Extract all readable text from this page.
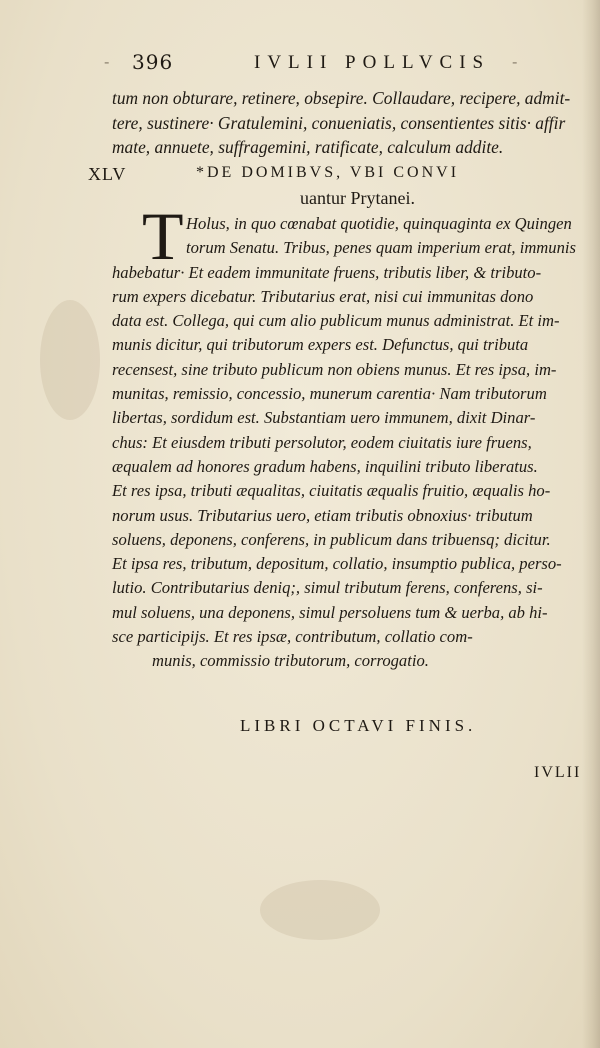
- 396	IVLII POLLVCIS -
tum non obturare, retinere, obsepire. Collaudare, recipere, admit-
tere, sustinere· Gratulemini, conueniatis, consentientes sitis· affir
mate, annuete, suffragemini, ratificate, calculum addite.
XLV	*DE DOMIBVS, VBI CONVI
uantur Prytanei.
T Holus, in quo cœnabat quotidie, quinquaginta ex Quingen
torum Senatu. Tribus, penes quam imperium erat, immunis
habebatur· Et eadem immunitate fruens, tributis liber, & tributo-
rum expers dicebatur. Tributarius erat, nisi cui immunitas dono
data est. Collega, qui cum alio publicum munus administrat. Et im-
munis dicitur, qui tributorum expers est. Defunctus, qui tributa
recensest, sine tributo publicum non obiens munus. Et res ipsa, im-
munitas, remissio, concessio, munerum carentia· Nam tributorum
libertas, sordidum est. Substantiam uero immunem, dixit Dinar-
chus: Et eiusdem tributi persolutor, eodem ciuitatis iure fruens,
æqualem ad honores gradum habens, inquilini tributo liberatus.
Et res ipsa, tributi æqualitas, ciuitatis æqualis fruitio, æqualis ho-
norum usus. Tributarius uero, etiam tributis obnoxius· tributum
soluens, deponens, conferens, in publicum dans tribuensq; dicitur.
Et ipsa res, tributum, depositum, collatio, insumptio publica, perso-
lutio. Contributarius deniq;, simul tributum ferens, conferens, si-
mul soluens, una deponens, simul persoluens tum & uerba, ab hi-
sce participijs. Et res ipsæ, contributum, collatio com-
munis, commissio tributorum, corrogatio.
LIBRI OCTAVI FINIS.
IVLII
